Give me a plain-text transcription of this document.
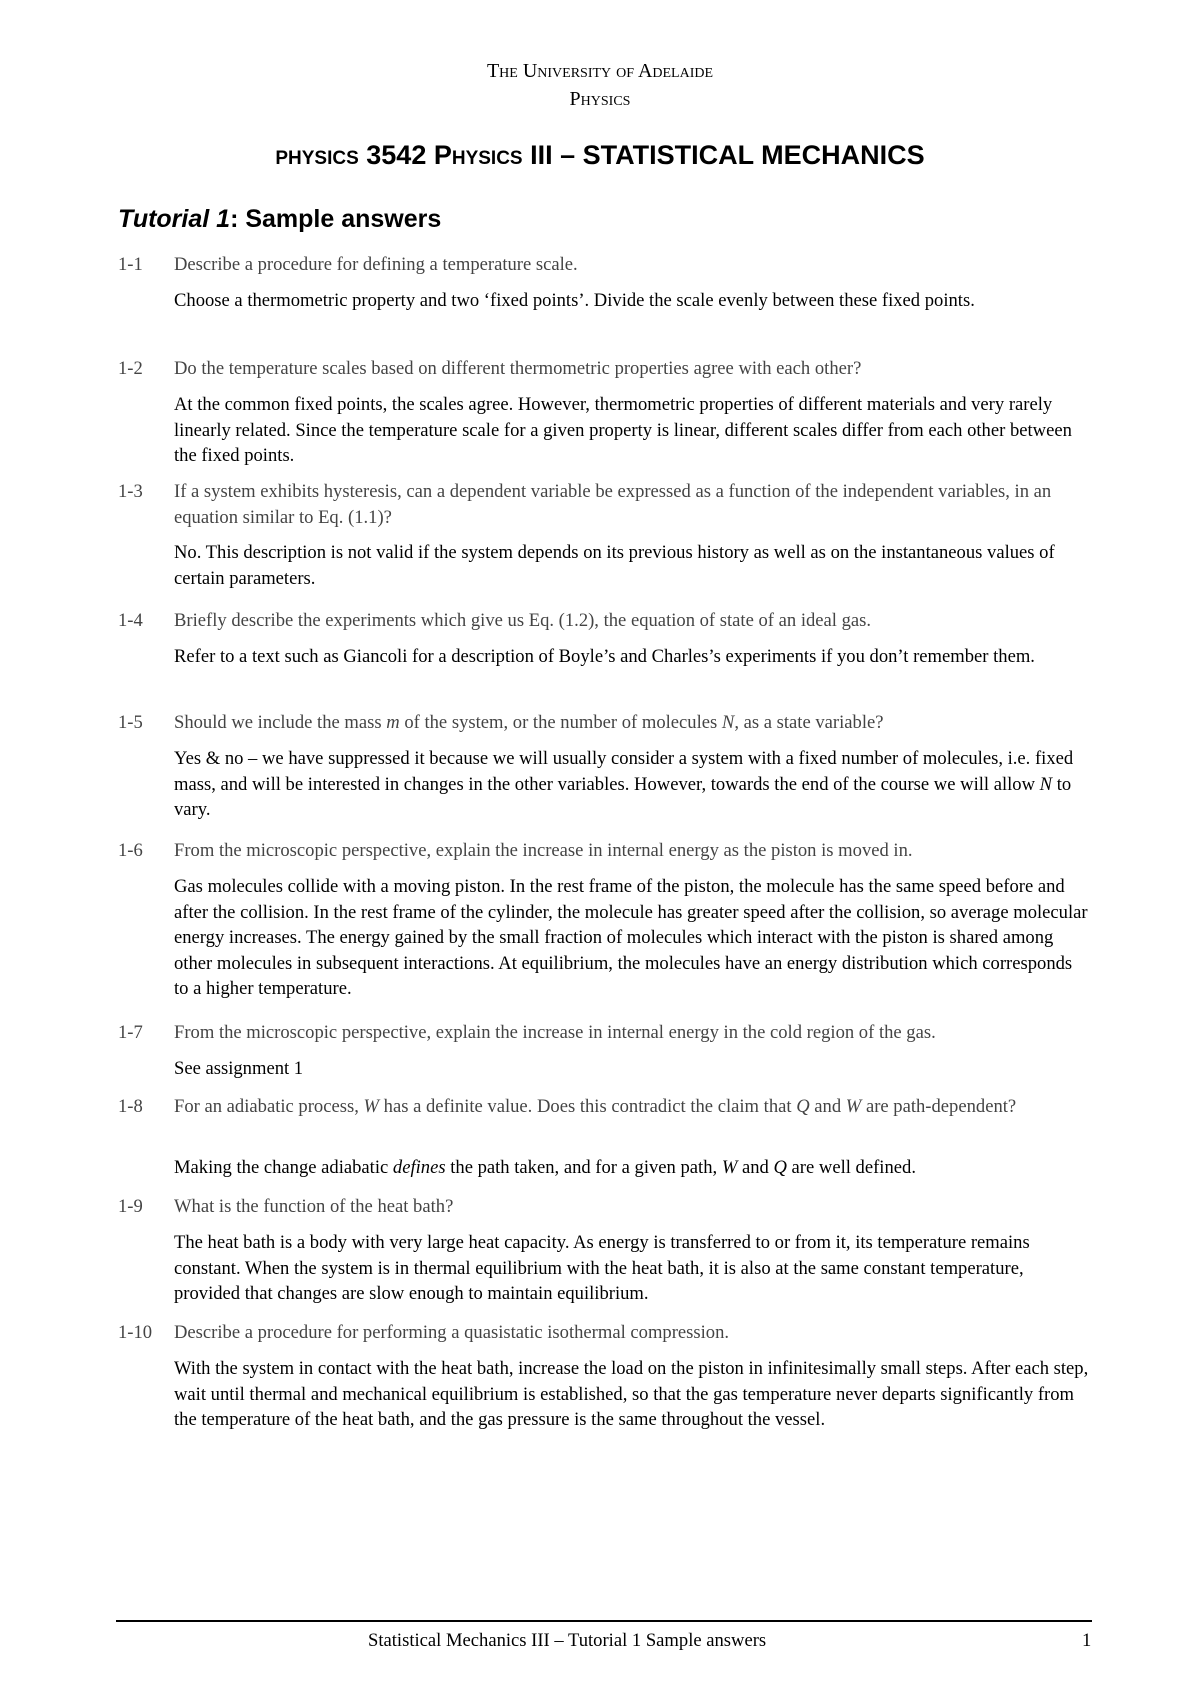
The University of Adelaide
Physics
physics 3542 Physics III – STATISTICAL MECHANICS
Tutorial 1: Sample answers
1-1 Describe a procedure for defining a temperature scale.
Choose a thermometric property and two ‘fixed points’. Divide the scale evenly between these fixed points.
1-2 Do the temperature scales based on different thermometric properties agree with each other?
At the common fixed points, the scales agree. However, thermometric properties of different materials and very rarely linearly related. Since the temperature scale for a given property is linear, different scales differ from each other between the fixed points.
1-3 If a system exhibits hysteresis, can a dependent variable be expressed as a function of the independent variables, in an equation similar to Eq. (1.1)?
No. This description is not valid if the system depends on its previous history as well as on the instantaneous values of certain parameters.
1-4 Briefly describe the experiments which give us Eq. (1.2), the equation of state of an ideal gas.
Refer to a text such as Giancoli for a description of Boyle’s and Charles’s experiments if you don’t remember them.
1-5 Should we include the mass m of the system, or the number of molecules N, as a state variable?
Yes & no – we have suppressed it because we will usually consider a system with a fixed number of molecules, i.e. fixed mass, and will be interested in changes in the other variables. However, towards the end of the course we will allow N to vary.
1-6 From the microscopic perspective, explain the increase in internal energy as the piston is moved in.
Gas molecules collide with a moving piston. In the rest frame of the piston, the molecule has the same speed before and after the collision. In the rest frame of the cylinder, the molecule has greater speed after the collision, so average molecular energy increases. The energy gained by the small fraction of molecules which interact with the piston is shared among other molecules in subsequent interactions. At equilibrium, the molecules have an energy distribution which corresponds to a higher temperature.
1-7 From the microscopic perspective, explain the increase in internal energy in the cold region of the gas.
See assignment 1
1-8 For an adiabatic process, W has a definite value. Does this contradict the claim that Q and W are path-dependent?
Making the change adiabatic defines the path taken, and for a given path, W and Q are well defined.
1-9 What is the function of the heat bath?
The heat bath is a body with very large heat capacity. As energy is transferred to or from it, its temperature remains constant. When the system is in thermal equilibrium with the heat bath, it is also at the same constant temperature, provided that changes are slow enough to maintain equilibrium.
1-10 Describe a procedure for performing a quasistatic isothermal compression.
With the system in contact with the heat bath, increase the load on the piston in infinitesimally small steps. After each step, wait until thermal and mechanical equilibrium is established, so that the gas temperature never departs significantly from the temperature of the heat bath, and the gas pressure is the same throughout the vessel.
Statistical Mechanics III – Tutorial 1 Sample answers	1
